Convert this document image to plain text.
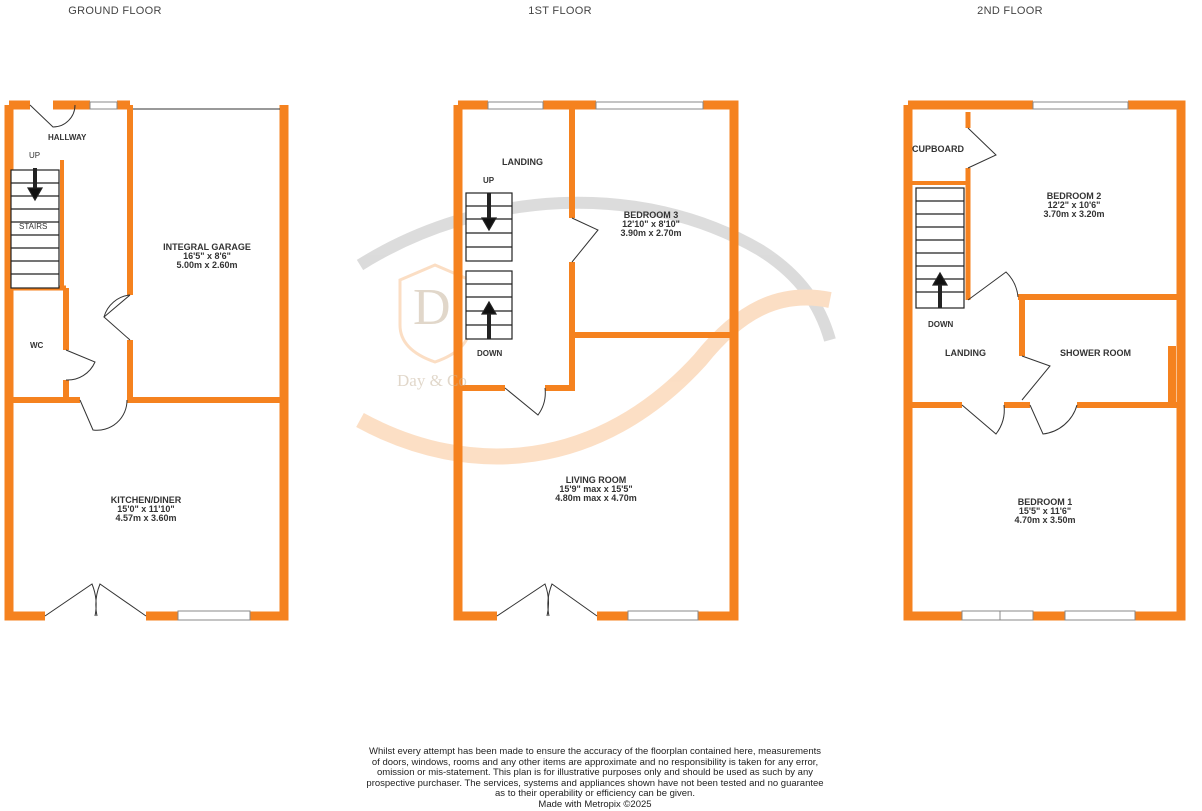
D
Day & Co
GROUND FLOOR	1ST FLOOR	2ND FLOOR
HALLWAY
UP
STAIRS
WC
INTEGRAL GARAGE
16'5" x 8'6"
5.00m x 2.60m
KITCHEN/DINER
15'0" x 11'10"
4.57m x 3.60m
LANDING
UP
DOWN
BEDROOM 3
12'10" x 8'10"
3.90m x 2.70m
LIVING ROOM
15'9" max x 15'5"
4.80m max x 4.70m
CUPBOARD
DOWN
LANDING	SHOWER ROOM
BEDROOM 2
12'2" x 10'6"
3.70m x 3.20m
BEDROOM 1
15'5" x 11'6"
4.70m x 3.50m
Whilst every attempt has been made to ensure the accuracy of the floorplan contained here, measurements
of doors, windows, rooms and any other items are approximate and no responsibility is taken for any error,
omission or mis-statement. This plan is for illustrative purposes only and should be used as such by any
prospective purchaser. The services, systems and appliances shown have not been tested and no guarantee
as to their operability or efficiency can be given.
Made with Metropix ©2025
